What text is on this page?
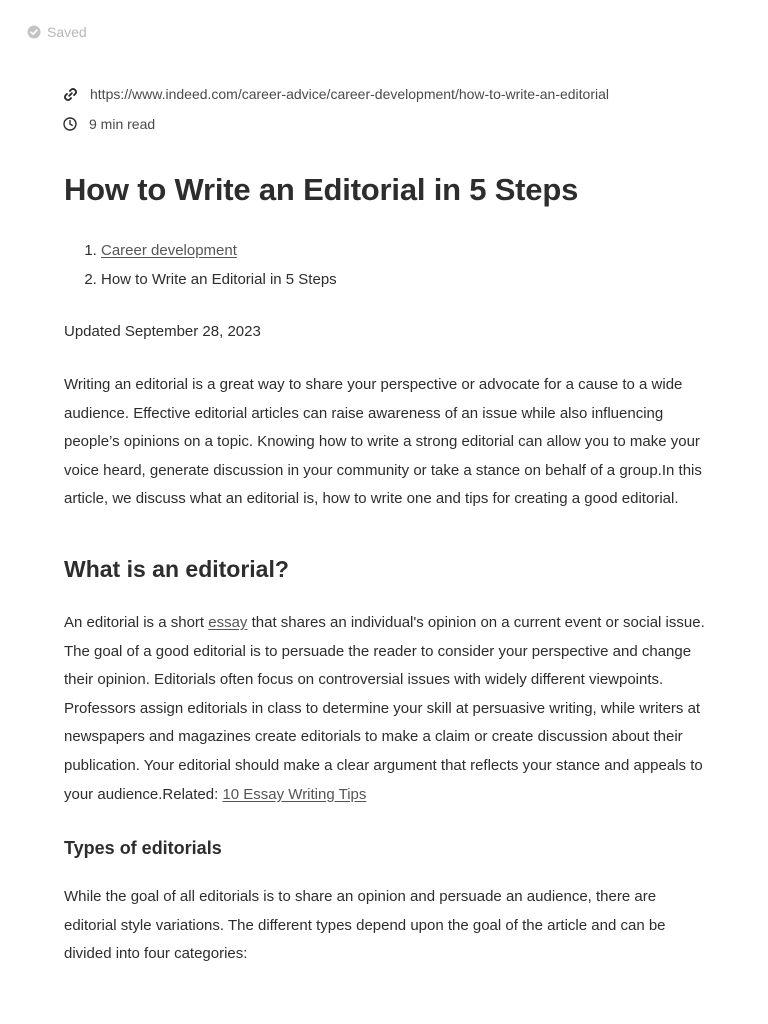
Saved
https://www.indeed.com/career-advice/career-development/how-to-write-an-editorial
9 min read
How to Write an Editorial in 5 Steps
1. Career development
2. How to Write an Editorial in 5 Steps
Updated September 28, 2023

Writing an editorial is a great way to share your perspective or advocate for a cause to a wide audience. Effective editorial articles can raise awareness of an issue while also influencing people’s opinions on a topic. Knowing how to write a strong editorial can allow you to make your voice heard, generate discussion in your community or take a stance on behalf of a group.In this article, we discuss what an editorial is, how to write one and tips for creating a good editorial.

What is an editorial?

An editorial is a short essay that shares an individual's opinion on a current event or social issue. The goal of a good editorial is to persuade the reader to consider your perspective and change their opinion. Editorials often focus on controversial issues with widely different viewpoints. Professors assign editorials in class to determine your skill at persuasive writing, while writers at newspapers and magazines create editorials to make a claim or create discussion about their publication. Your editorial should make a clear argument that reflects your stance and appeals to your audience.Related: 10 Essay Writing Tips

Types of editorials

While the goal of all editorials is to share an opinion and persuade an audience, there are editorial style variations. The different types depend upon the goal of the article and can be divided into four categories:
